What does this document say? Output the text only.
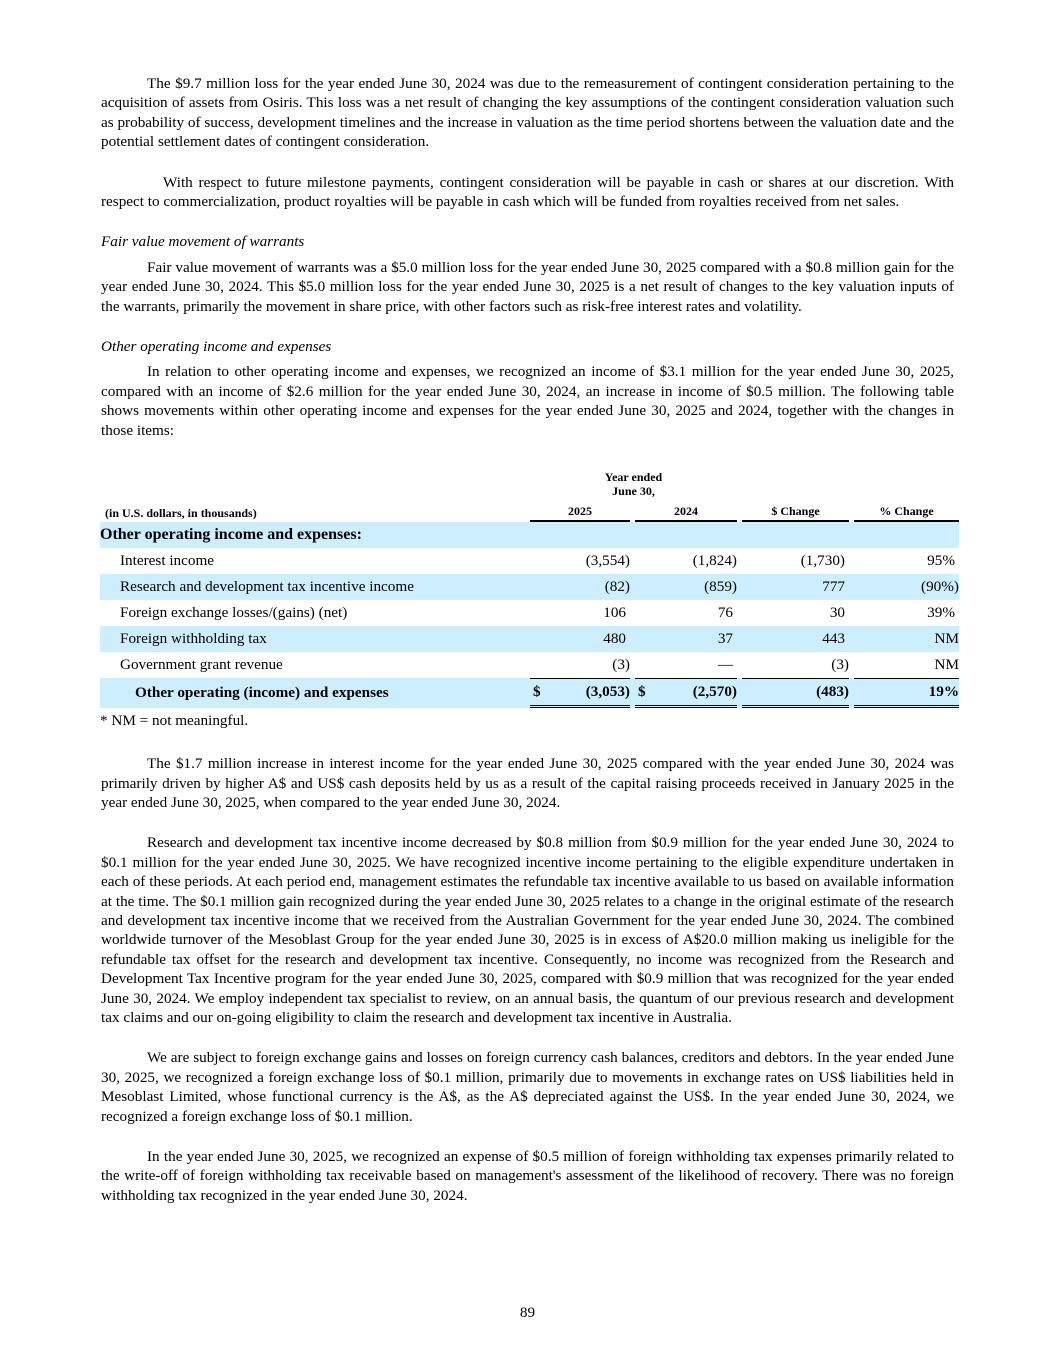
The $9.7 million loss for the year ended June 30, 2024 was due to the remeasurement of contingent consideration pertaining to the acquisition of assets from Osiris. This loss was a net result of changing the key assumptions of the contingent consideration valuation such as probability of success, development timelines and the increase in valuation as the time period shortens between the valuation date and the potential settlement dates of contingent consideration.

With respect to future milestone payments, contingent consideration will be payable in cash or shares at our discretion. With respect to commercialization, product royalties will be payable in cash which will be funded from royalties received from net sales.

Fair value movement of warrants

Fair value movement of warrants was a $5.0 million loss for the year ended June 30, 2025 compared with a $0.8 million gain for the year ended June 30, 2024. This $5.0 million loss for the year ended June 30, 2025 is a net result of changes to the key valuation inputs of the warrants, primarily the movement in share price, with other factors such as risk-free interest rates and volatility.

Other operating income and expenses

In relation to other operating income and expenses, we recognized an income of $3.1 million for the year ended June 30, 2025, compared with an income of $2.6 million for the year ended June 30, 2024, an increase in income of $0.5 million. The following table shows movements within other operating income and expenses for the year ended June 30, 2025 and 2024, together with the changes in those items:

		Year ended
June 30,						
(in U.S. dollars, in thousands)		2025		2024		$ Change		% Change
Other operating income and expenses:								
Interest income		(3,554)		(1,824)		(1,730)		95%
Research and development tax incentive income		(82)		(859)		777		(90%)
Foreign exchange losses/(gains) (net)		106		76		30		39%
Foreign withholding tax		480		37		443		NM
Government grant revenue		(3)		—		(3)		NM
Other operating (income) and expenses		$ (3,053)		$ (2,570)		(483)		19%
* NM = not meaningful.								

The $1.7 million increase in interest income for the year ended June 30, 2025 compared with the year ended June 30, 2024 was primarily driven by higher A$ and US$ cash deposits held by us as a result of the capital raising proceeds received in January 2025 in the year ended June 30, 2025, when compared to the year ended June 30, 2024.

Research and development tax incentive income decreased by $0.8 million from $0.9 million for the year ended June 30, 2024 to $0.1 million for the year ended June 30, 2025. We have recognized incentive income pertaining to the eligible expenditure undertaken in each of these periods. At each period end, management estimates the refundable tax incentive available to us based on available information at the time. The $0.1 million gain recognized during the year ended June 30, 2025 relates to a change in the original estimate of the research and development tax incentive income that we received from the Australian Government for the year ended June 30, 2024. The combined worldwide turnover of the Mesoblast Group for the year ended June 30, 2025 is in excess of A$20.0 million making us ineligible for the refundable tax offset for the research and development tax incentive. Consequently, no income was recognized from the Research and Development Tax Incentive program for the year ended June 30, 2025, compared with $0.9 million that was recognized for the year ended June 30, 2024. We employ independent tax specialist to review, on an annual basis, the quantum of our previous research and development tax claims and our on-going eligibility to claim the research and development tax incentive in Australia.

We are subject to foreign exchange gains and losses on foreign currency cash balances, creditors and debtors. In the year ended June 30, 2025, we recognized a foreign exchange loss of $0.1 million, primarily due to movements in exchange rates on US$ liabilities held in Mesoblast Limited, whose functional currency is the A$, as the A$ depreciated against the US$. In the year ended June 30, 2024, we recognized a foreign exchange loss of $0.1 million.

In the year ended June 30, 2025, we recognized an expense of $0.5 million of foreign withholding tax expenses primarily related to the write-off of foreign withholding tax receivable based on management's assessment of the likelihood of recovery. There was no foreign withholding tax recognized in the year ended June 30, 2024.

89
